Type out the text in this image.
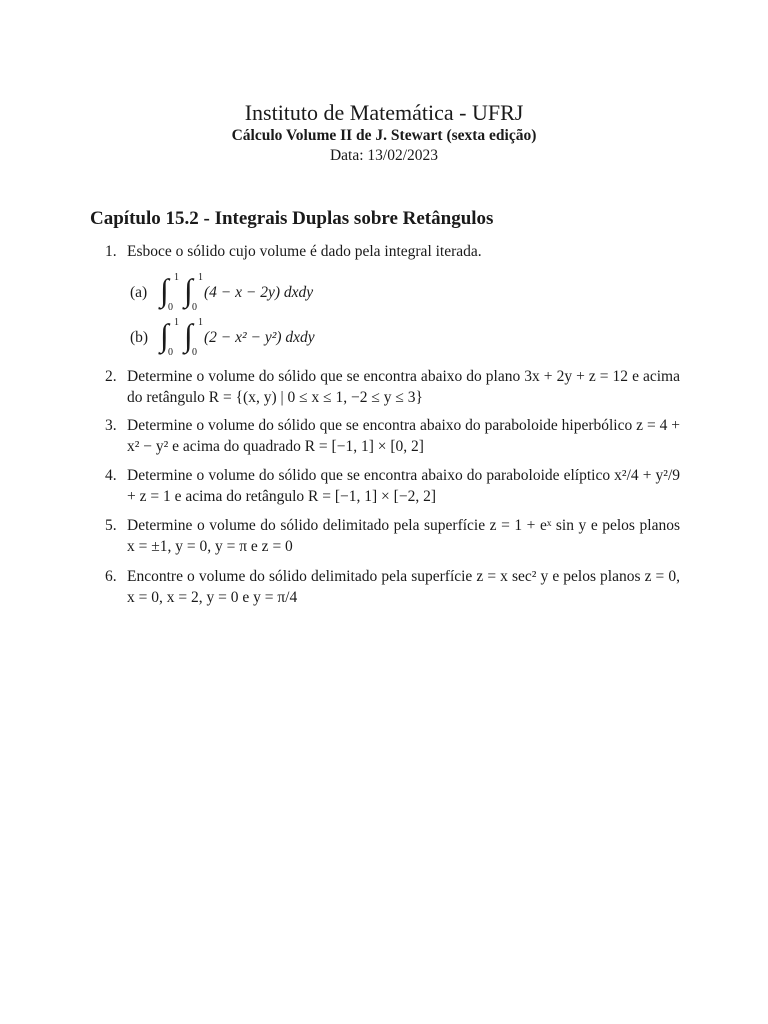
Instituto de Matemática - UFRJ
Cálculo Volume II de J. Stewart (sexta edição)
Data: 13/02/2023
Capítulo 15.2 - Integrais Duplas sobre Retângulos
1. Esboce o sólido cujo volume é dado pela integral iterada.
(a) ∫ 1
0 ∫ 1
0
(4 − x − 2y) dxdy
(b) ∫ 1
0 ∫ 1
0
(2 − x² − y²) dxdy
2. Determine o volume do sólido que se encontra abaixo do plano 3x + 2y + z = 12 e acima do retângulo R = {(x, y) | 0 ≤ x ≤ 1, −2 ≤ y ≤ 3}
3. Determine o volume do sólido que se encontra abaixo do paraboloide hiperbólico z = 4 + x² − y² e acima do quadrado R = [−1, 1] × [0, 2]
4. Determine o volume do sólido que se encontra abaixo do paraboloide elíptico x²/4 + y²/9 + z = 1 e acima do retângulo R = [−1, 1] × [−2, 2]
5. Determine o volume do sólido delimitado pela superfície z = 1 + eˣ sin y e pelos planos x = ±1, y = 0, y = π e z = 0
6. Encontre o volume do sólido delimitado pela superfície z = x sec² y e pelos planos z = 0, x = 0, x = 2, y = 0 e y = π/4
